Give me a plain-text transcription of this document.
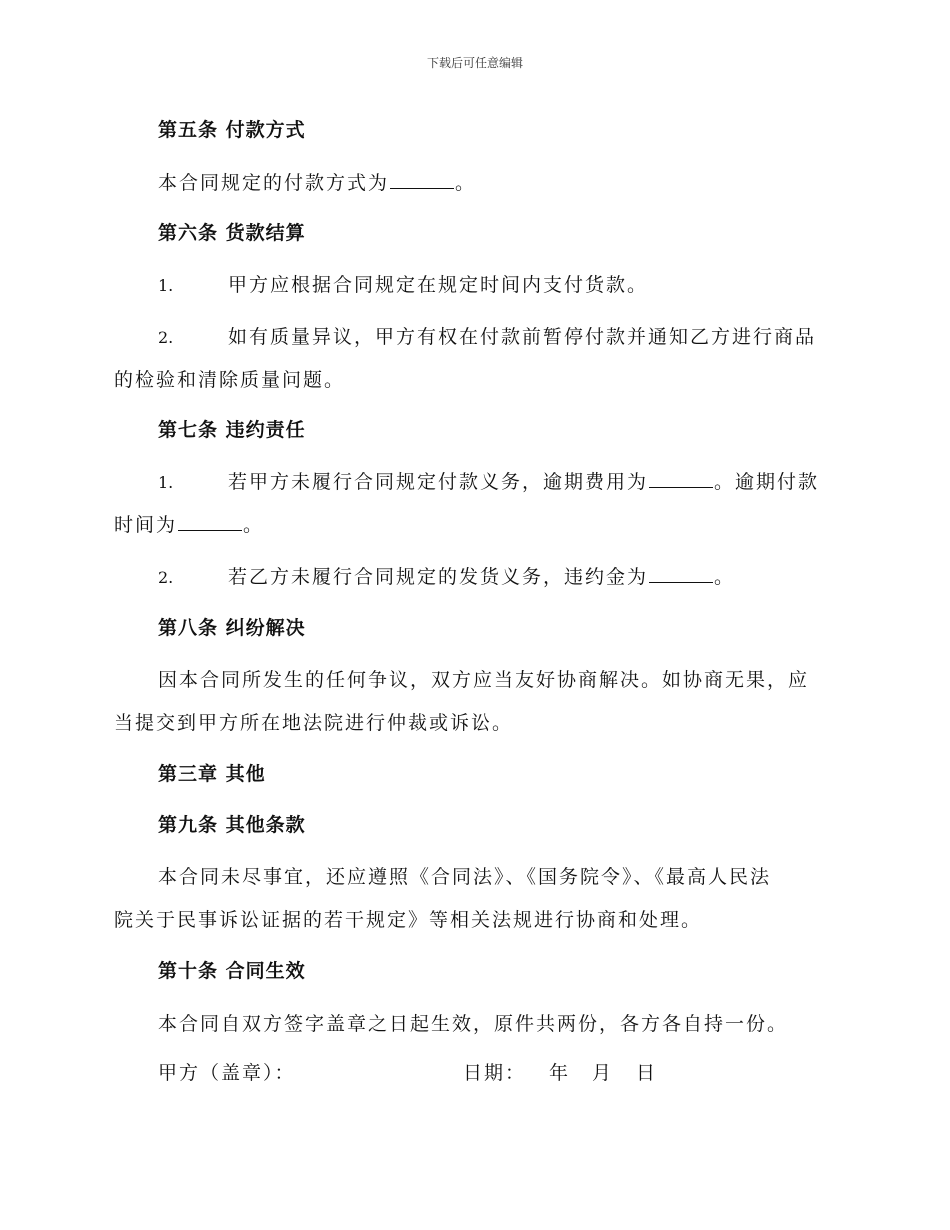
下载后可任意编辑
第五条 付款方式
本合同规定的付款方式为	。
第六条 货款结算
1.	甲方应根据合同规定在规定时间内支付货款。
2.	如有质量异议，甲方有权在付款前暂停付款并通知乙方进行商品
的检验和清除质量问题。
第七条 违约责任
1.	若甲方未履行合同规定付款义务，逾期费用为	。逾期付款
时间为	。
2.	若乙方未履行合同规定的发货义务，违约金为	。
第八条 纠纷解决
因本合同所发生的任何争议，双方应当友好协商解决。如协商无果，应
当提交到甲方所在地法院进行仲裁或诉讼。
第三章 其他
第九条 其他条款
本合同未尽事宜，还应遵照《合同法》、《国务院令》、《最高人民法
院关于民事诉讼证据的若干规定》等相关法规进行协商和处理。
第十条 合同生效
本合同自双方签字盖章之日起生效，原件共两份，各方各自持一份。
甲方（盖章）：	日期： 年 月 日
